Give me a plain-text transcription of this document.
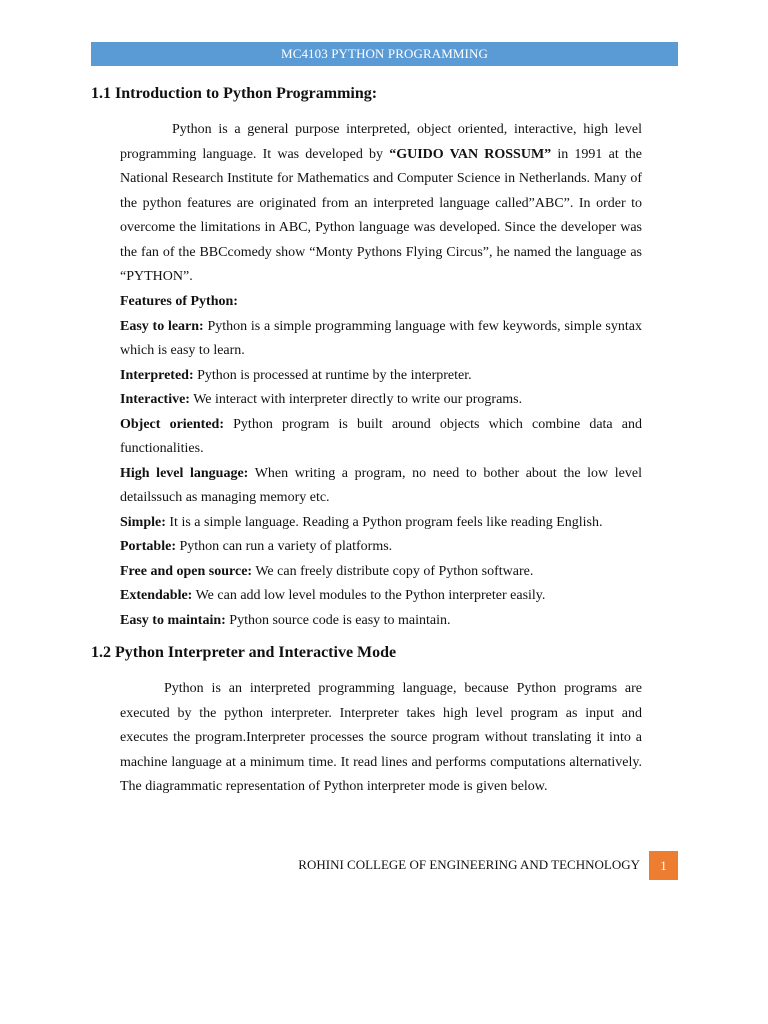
MC4103 PYTHON PROGRAMMING
1.1 Introduction to Python Programming:

Python is a general purpose interpreted, object oriented, interactive, high level programming language. It was developed by “GUIDO VAN ROSSUM” in 1991 at the National Research Institute for Mathematics and Computer Science in Netherlands. Many of the python features are originated from an interpreted language called”ABC”. In order to overcome the limitations in ABC, Python language was developed. Since the developer was the fan of the BBCcomedy show “Monty Pythons Flying Circus”, he named the language as “PYTHON”.

Features of Python:

Easy to learn: Python is a simple programming language with few keywords, simple syntax which is easy to learn.

Interpreted: Python is processed at runtime by the interpreter.

Interactive: We interact with interpreter directly to write our programs.

Object oriented: Python program is built around objects which combine data and functionalities.

High level language: When writing a program, no need to bother about the low level detailssuch as managing memory etc.

Simple: It is a simple language. Reading a Python program feels like reading English.

Portable: Python can run a variety of platforms.

Free and open source: We can freely distribute copy of Python software.

Extendable: We can add low level modules to the Python interpreter easily.

Easy to maintain: Python source code is easy to maintain.

1.2 Python Interpreter and Interactive Mode

Python is an interpreted programming language, because Python programs are executed by the python interpreter. Interpreter takes high level program as input and executes the program.Interpreter processes the source program without translating it into a machine language at a minimum time. It read lines and performs computations alternatively. The diagrammatic representation of Python interpreter mode is given below.

ROHINI COLLEGE OF ENGINEERING AND TECHNOLOGY	1
